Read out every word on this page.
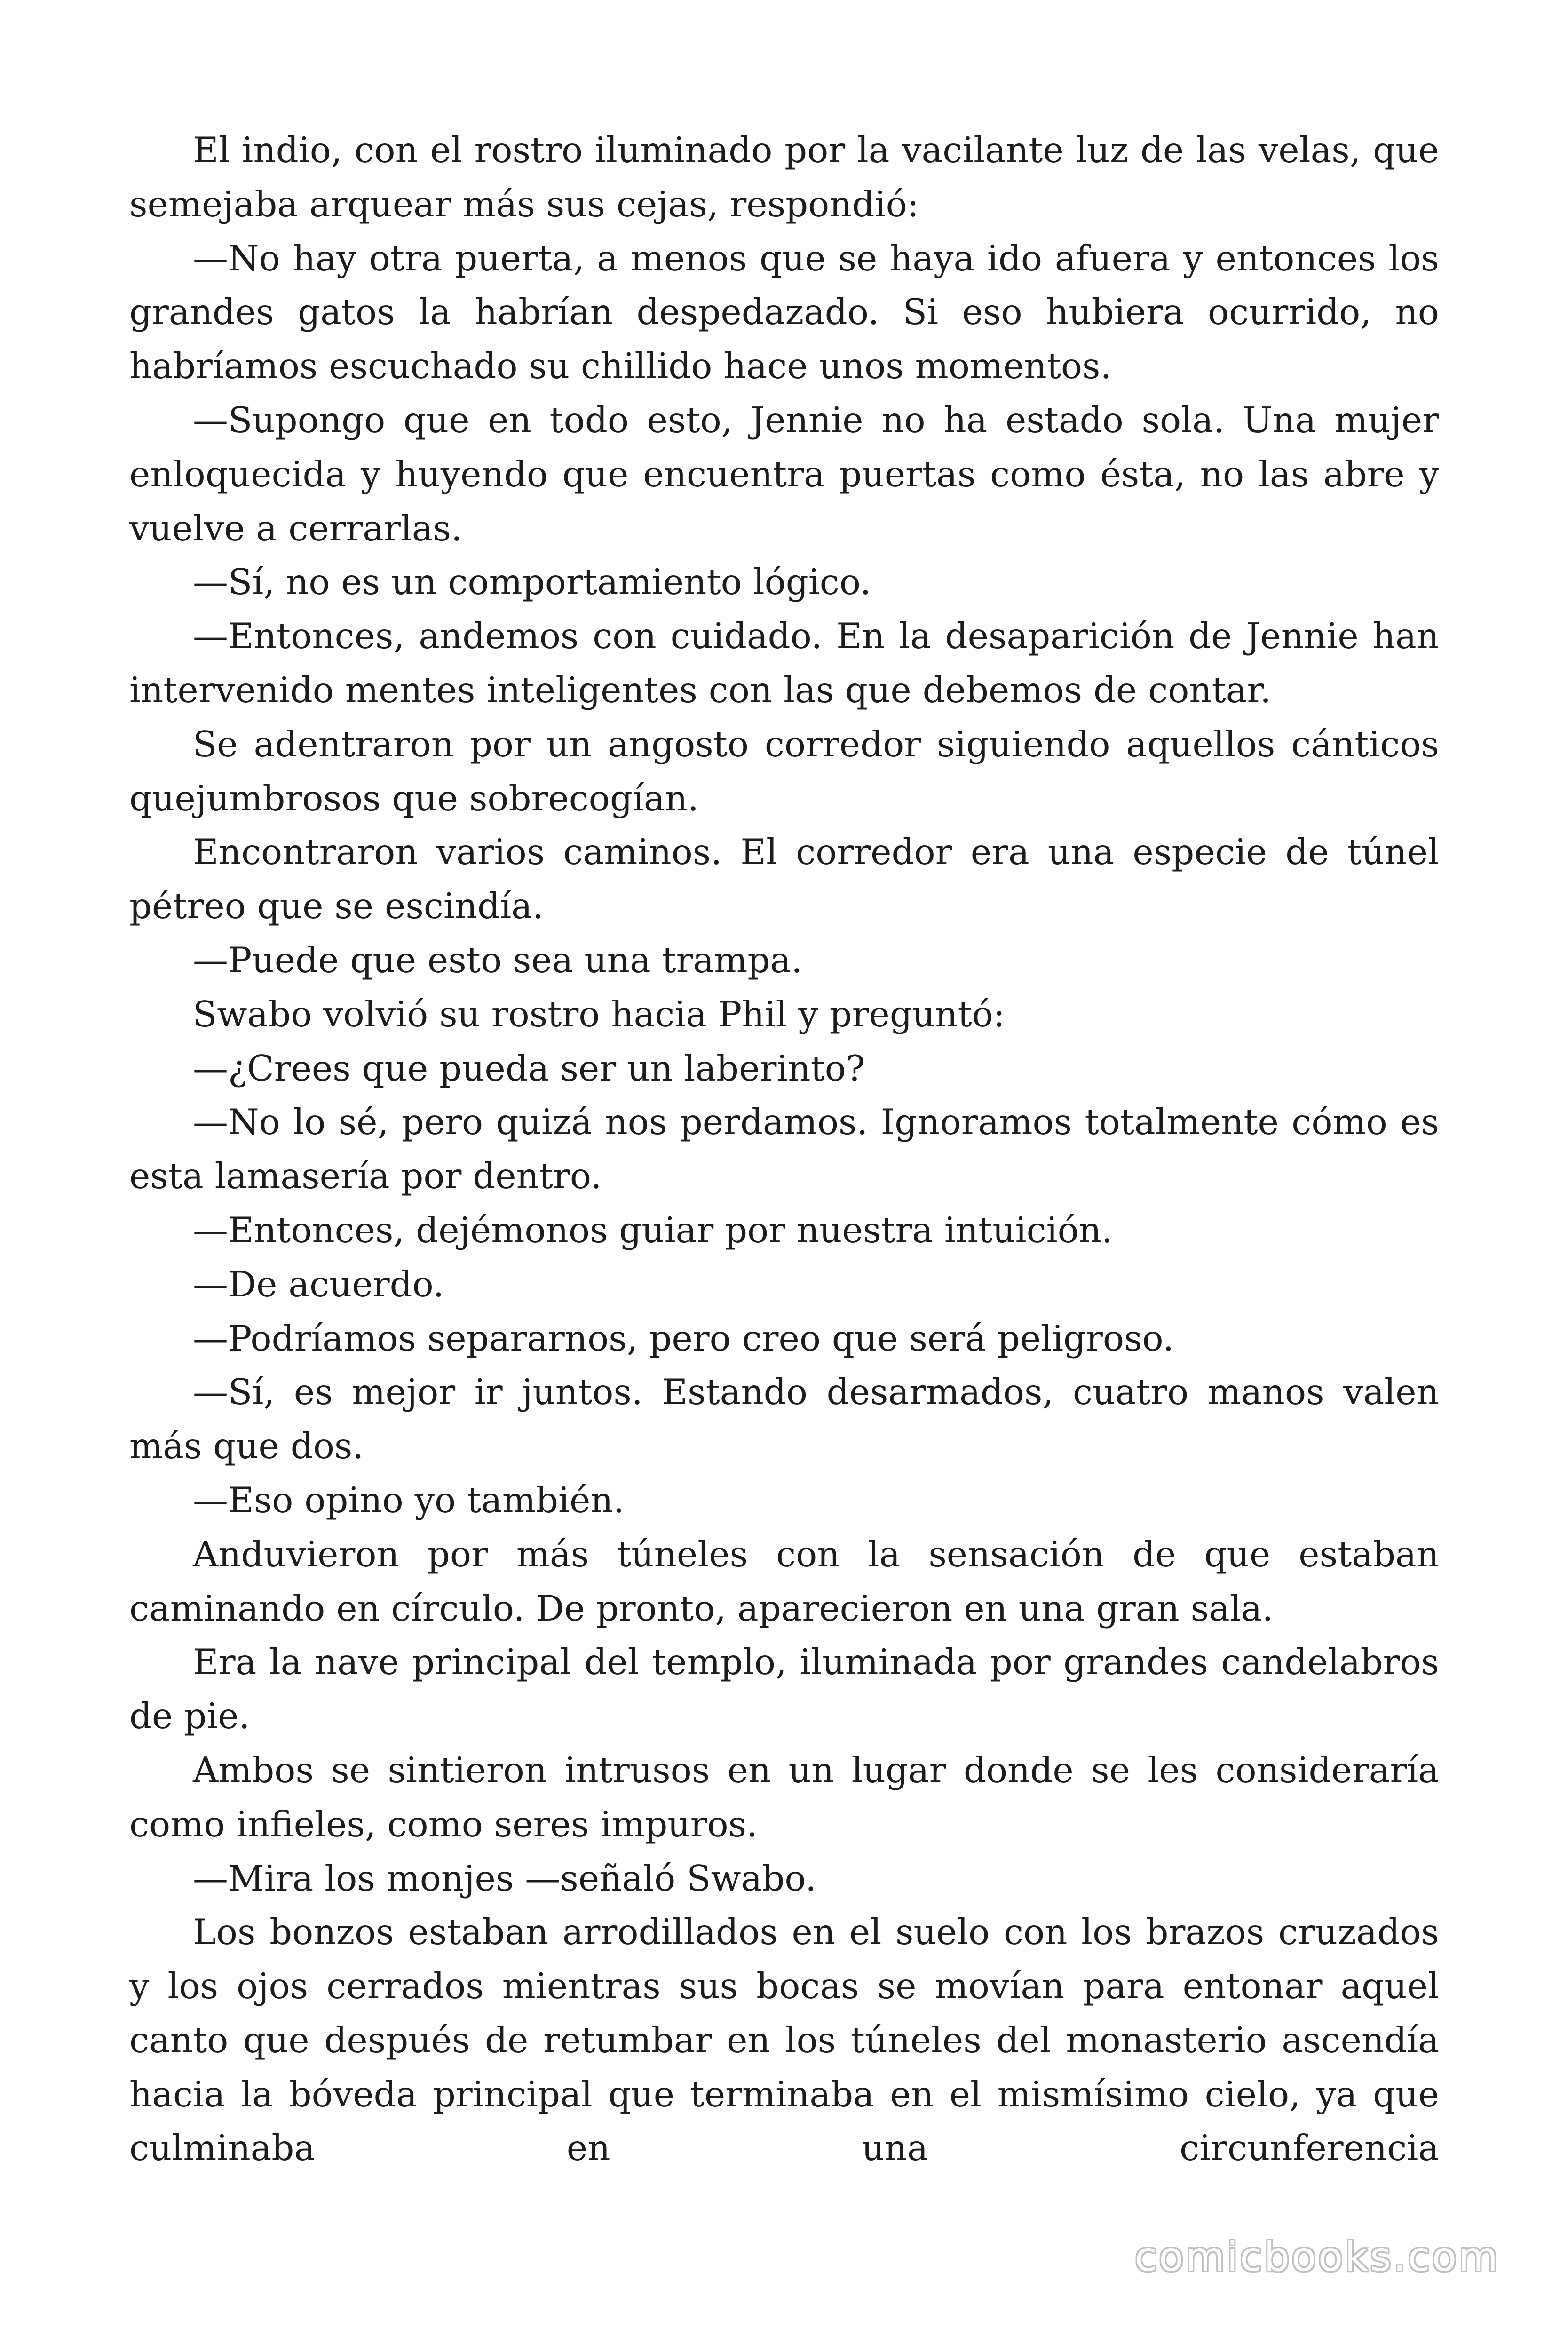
El indio, con el rostro iluminado por la vacilante luz de las velas, que semejaba arquear más sus cejas, respondió:

—No hay otra puerta, a menos que se haya ido afuera y entonces los grandes gatos la habrían despedazado. Si eso hubiera ocurrido, no habríamos escuchado su chillido hace unos momentos.

—Supongo que en todo esto, Jennie no ha estado sola. Una mujer enloquecida y huyendo que encuentra puertas como ésta, no las abre y vuelve a cerrarlas.

—Sí, no es un comportamiento lógico.

—Entonces, andemos con cuidado. En la desaparición de Jennie han intervenido mentes inteligentes con las que debemos de contar.

Se adentraron por un angosto corredor siguiendo aquellos cánticos quejumbrosos que sobrecogían.

Encontraron varios caminos. El corredor era una especie de túnel pétreo que se escindía.

—Puede que esto sea una trampa.

Swabo volvió su rostro hacia Phil y preguntó:

—¿Crees que pueda ser un laberinto?

—No lo sé, pero quizá nos perdamos. Ignoramos totalmente cómo es esta lamasería por dentro.

—Entonces, dejémonos guiar por nuestra intuición.

—De acuerdo.

—Podríamos separarnos, pero creo que será peligroso.

—Sí, es mejor ir juntos. Estando desarmados, cuatro manos valen más que dos.

—Eso opino yo también.

Anduvieron por más túneles con la sensación de que estaban caminando en círculo. De pronto, aparecieron en una gran sala.

Era la nave principal del templo, iluminada por grandes candelabros de pie.

Ambos se sintieron intrusos en un lugar donde se les consideraría como infieles, como seres impuros.

—Mira los monjes —señaló Swabo.

Los bonzos estaban arrodillados en el suelo con los brazos cruzados y los ojos cerrados mientras sus bocas se movían para entonar aquel canto que después de retumbar en los túneles del monasterio ascendía hacia la bóveda principal que terminaba en el mismísimo cielo, ya que culminaba en una circunferencia

comicbooks.com
